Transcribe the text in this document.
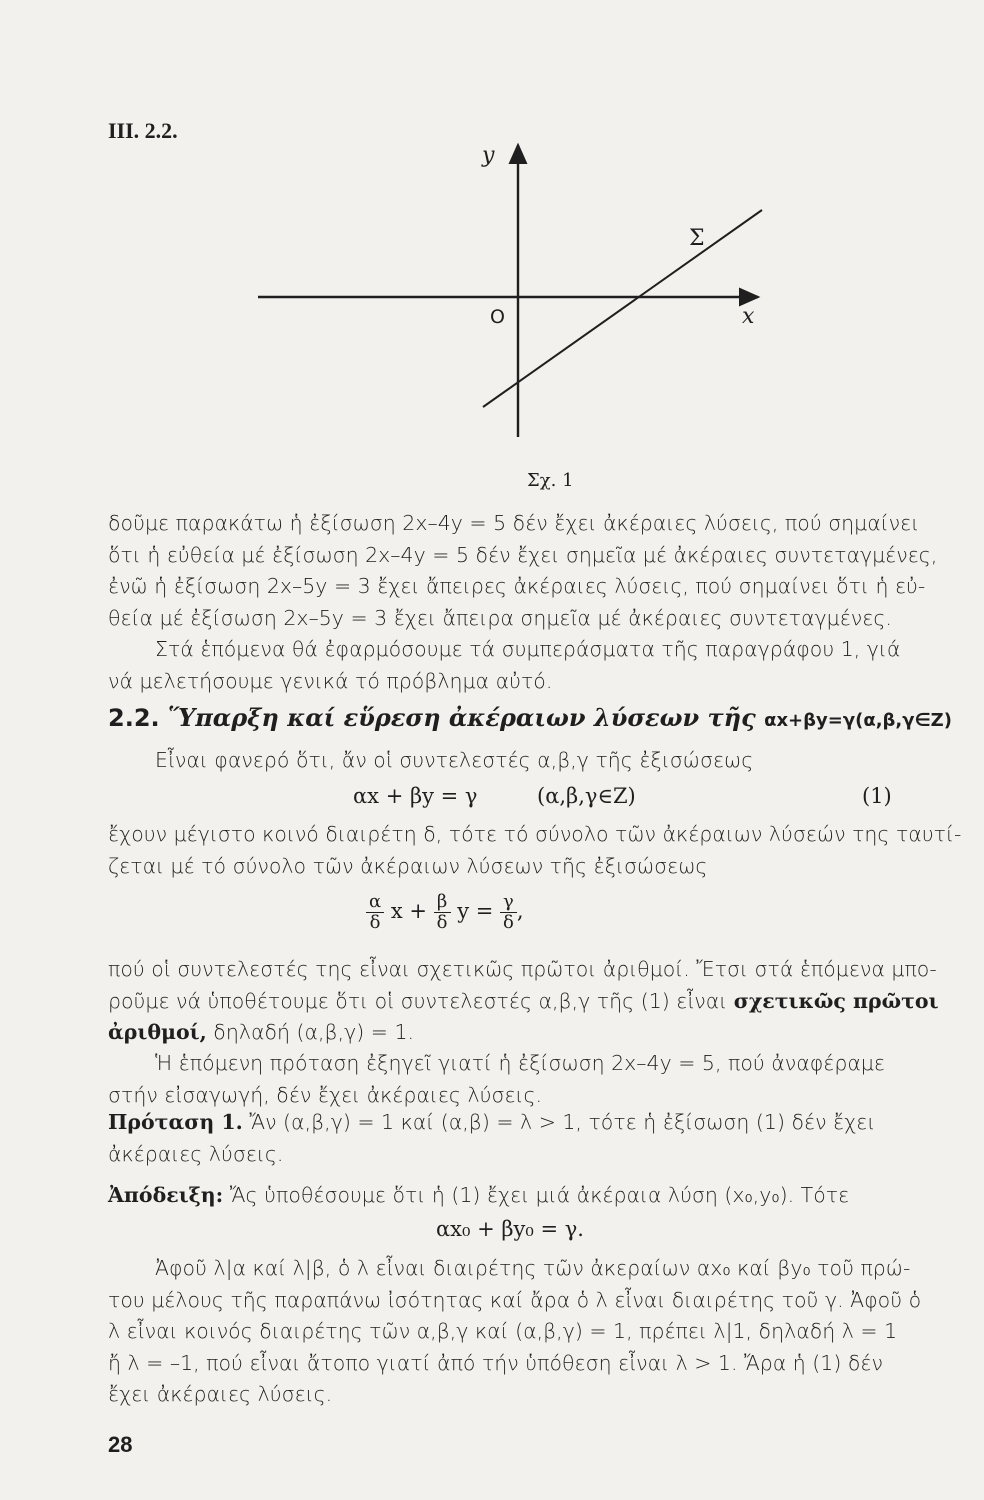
III. 2.2.
y
x
O
Σ
Σχ. 1
δοῦμε παρακάτω ἡ ἐξίσωση 2x–4y = 5 δέν ἔχει ἀκέραιες λύσεις, πού σημαίνει
ὅτι ἡ εὐθεία μέ ἐξίσωση 2x–4y = 5 δέν ἔχει σημεῖα μέ ἀκέραιες συντεταγμένες,
ἐνῶ ἡ ἐξίσωση 2x–5y = 3 ἔχει ἄπειρες ἀκέραιες λύσεις, πού σημαίνει ὅτι ἡ εὐ-
θεία μέ ἐξίσωση 2x–5y = 3 ἔχει ἄπειρα σημεῖα μέ ἀκέραιες συντεταγμένες.
Στά ἑπόμενα θά ἐφαρμόσουμε τά συμπεράσματα τῆς παραγράφου 1, γιά
νά μελετήσουμε γενικά τό πρόβλημα αὐτό.
2.2. Ὕπαρξη καί εὕρεση ἀκέραιων λύσεων τῆς αx+βy=γ(α,β,γ∈Z)
Εἶναι φανερό ὅτι, ἄν οἱ συντελεστές α,β,γ τῆς ἐξισώσεως
αx + βy = γ	(α,β,γ∈Z)	(1)
ἔχουν μέγιστο κοινό διαιρέτη δ, τότε τό σύνολο τῶν ἀκέραιων λύσεών της ταυτί-
ζεται μέ τό σύνολο τῶν ἀκέραιων λύσεων τῆς ἐξισώσεως
$\frac{\alpha}{\delta}$ $x + \frac{\beta}{\delta}$ $y = \frac{\gamma}{\delta}$ ,
πού οἱ συντελεστές της εἶναι σχετικῶς πρῶτοι ἀριθμοί. Ἔτσι στά ἑπόμενα μπο-
ροῦμε νά ὑποθέτουμε ὅτι οἱ συντελεστές α,β,γ τῆς (1) εἶναι σχετικῶς πρῶτοι
ἀριθμοί, δηλαδή (α,β,γ) = 1.
Ἡ ἑπόμενη πρόταση ἐξηγεῖ γιατί ἡ ἐξίσωση 2x–4y = 5, πού ἀναφέραμε
στήν εἰσαγωγή, δέν ἔχει ἀκέραιες λύσεις.
Πρόταση 1. Ἄν (α,β,γ) = 1 καί (α,β) = λ > 1, τότε ἡ ἐξίσωση (1) δέν ἔχει
ἀκέραιες λύσεις.
Ἀπόδειξη: Ἄς ὑποθέσουμε ὅτι ἡ (1) ἔχει μιά ἀκέραια λύση (x₀,y₀). Τότε
αx₀ + βy₀ = γ.
Ἀφοῦ λ|α καί λ|β, ὁ λ εἶναι διαιρέτης τῶν ἀκεραίων αx₀ καί βy₀ τοῦ πρώ-
του μέλους τῆς παραπάνω ἰσότητας καί ἄρα ὁ λ εἶναι διαιρέτης τοῦ γ. Ἀφοῦ ὁ
λ εἶναι κοινός διαιρέτης τῶν α,β,γ καί (α,β,γ) = 1, πρέπει λ|1, δηλαδή λ = 1
ἤ λ = –1, πού εἶναι ἄτοπο γιατί ἀπό τήν ὑπόθεση εἶναι λ > 1. Ἄρα ἡ (1) δέν
ἔχει ἀκέραιες λύσεις.
28
